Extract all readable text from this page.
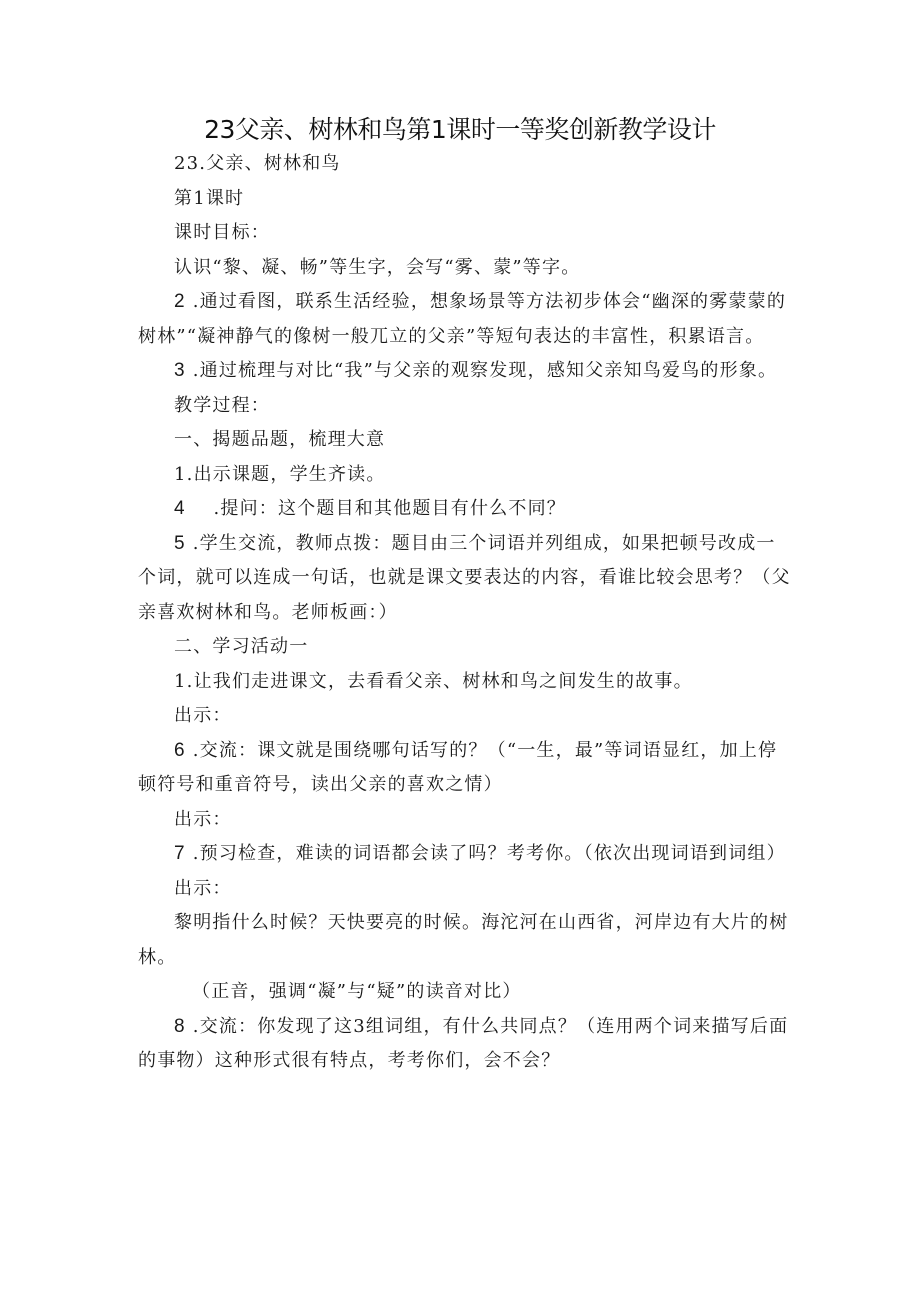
23父亲、树林和鸟第1课时一等奖创新教学设计

23.父亲、树林和鸟

第1课时

课时目标：

认识“黎、凝、畅”等生字，会写“雾、蒙”等字。

2 .通过看图，联系生活经验，想象场景等方法初步体会“幽深的雾蒙蒙的树林”“凝神静气的像树一般兀立的父亲”等短句表达的丰富性，积累语言。

3 .通过梳理与对比“我”与父亲的观察发现，感知父亲知鸟爱鸟的形象。

教学过程：

一、揭题品题，梳理大意

1.出示课题，学生齐读。

4    .提问：这个题目和其他题目有什么不同？

5 .学生交流，教师点拨：题目由三个词语并列组成，如果把顿号改成一个词，就可以连成一句话，也就是课文要表达的内容，看谁比较会思考？（父亲喜欢树林和鸟。老师板画：）

二、学习活动一

1.让我们走进课文，去看看父亲、树林和鸟之间发生的故事。

出示：

6 .交流：课文就是围绕哪句话写的？（“一生，最”等词语显红，加上停顿符号和重音符号，读出父亲的喜欢之情）

出示：

7 .预习检查，难读的词语都会读了吗？考考你。（依次出现词语到词组）

出示：

黎明指什么时候？天快要亮的时候。海沱河在山西省，河岸边有大片的树林。

（正音，强调“凝”与“疑”的读音对比）

8 .交流：你发现了这3组词组，有什么共同点？（连用两个词来描写后面的事物）这种形式很有特点，考考你们，会不会？
